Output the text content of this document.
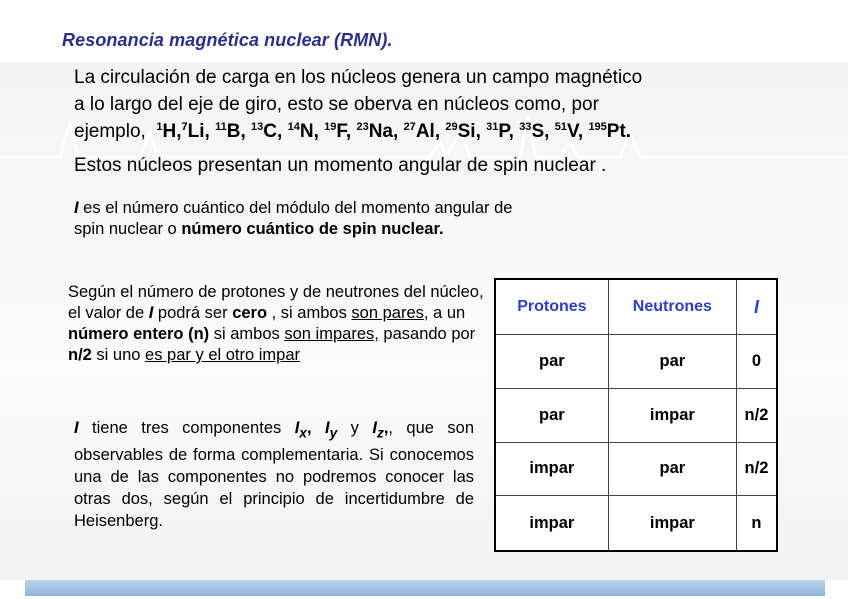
Resonancia magnética nuclear (RMN).
La circulación de carga en los núcleos genera un campo magnético
a lo largo del eje de giro, esto se oberva en núcleos como, por
ejemplo, $^1$H,$^7$Li, $^{11}$B, $^{13}$C, $^{14}$N, $^{19}$F, $^{23}$Na, $^{27}$Al, $^{29}$Si, $^{31}$P, $^{33}$S, $^{51}$V, $^{195}$Pt.
Estos núcleos presentan un momento angular de spin nuclear .
I es el número cuántico del módulo del momento angular de spin nuclear o número cuántico de spin nuclear.
Según el número de protones y de neutrones del núcleo, el valor de I podrá ser cero , si ambos son pares, a un número entero (n) si ambos son impares, pasando por n/2 si uno es par y el otro impar
I tiene tres componentes $I_x$, $I_y$ y $I_z$,, que son observables de forma complementaria. Si conocemos una de las componentes no podremos conocer las otras dos, según el principio de incertidumbre de Heisenberg.
Protones	Neutrones	I
par	par	0
par	impar	n/2
impar	par	n/2
impar	impar	n
